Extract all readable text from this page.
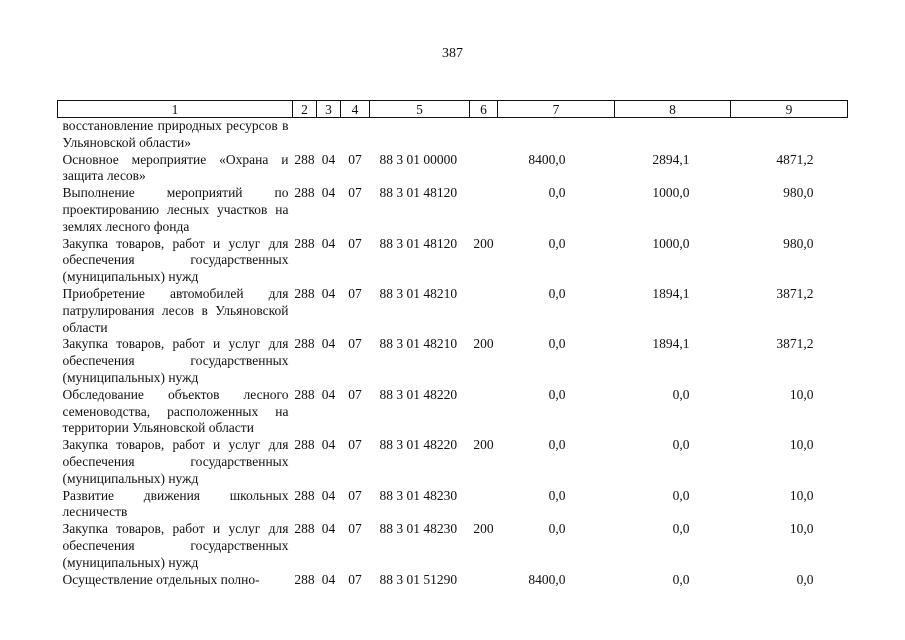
387
1	2	3	4	5	6	7	8	9
восстановление природных ресурсов в Ульяновской области»								
Основное мероприятие «Охрана и защита лесов»	288	04	07	88 3 01 00000		8400,0	2894,1	4871,2
Выполнение мероприятий по проектированию лесных участков на землях лесного фонда	288	04	07	88 3 01 48120		0,0	1000,0	980,0
Закупка товаров, работ и услуг для обеспечения государственных (муниципальных) нужд	288	04	07	88 3 01 48120	200	0,0	1000,0	980,0
Приобретение автомобилей для патрулирования лесов в Ульяновской области	288	04	07	88 3 01 48210		0,0	1894,1	3871,2
Закупка товаров, работ и услуг для обеспечения государственных (муниципальных) нужд	288	04	07	88 3 01 48210	200	0,0	1894,1	3871,2
Обследование объектов лесного семеноводства, расположенных на территории Ульяновской области	288	04	07	88 3 01 48220		0,0	0,0	10,0
Закупка товаров, работ и услуг для обеспечения государственных (муниципальных) нужд	288	04	07	88 3 01 48220	200	0,0	0,0	10,0
Развитие движения школьных лесничеств	288	04	07	88 3 01 48230		0,0	0,0	10,0
Закупка товаров, работ и услуг для обеспечения государственных (муниципальных) нужд	288	04	07	88 3 01 48230	200	0,0	0,0	10,0
Осуществление отдельных полно-	288	04	07	88 3 01 51290		8400,0	0,0	0,0
